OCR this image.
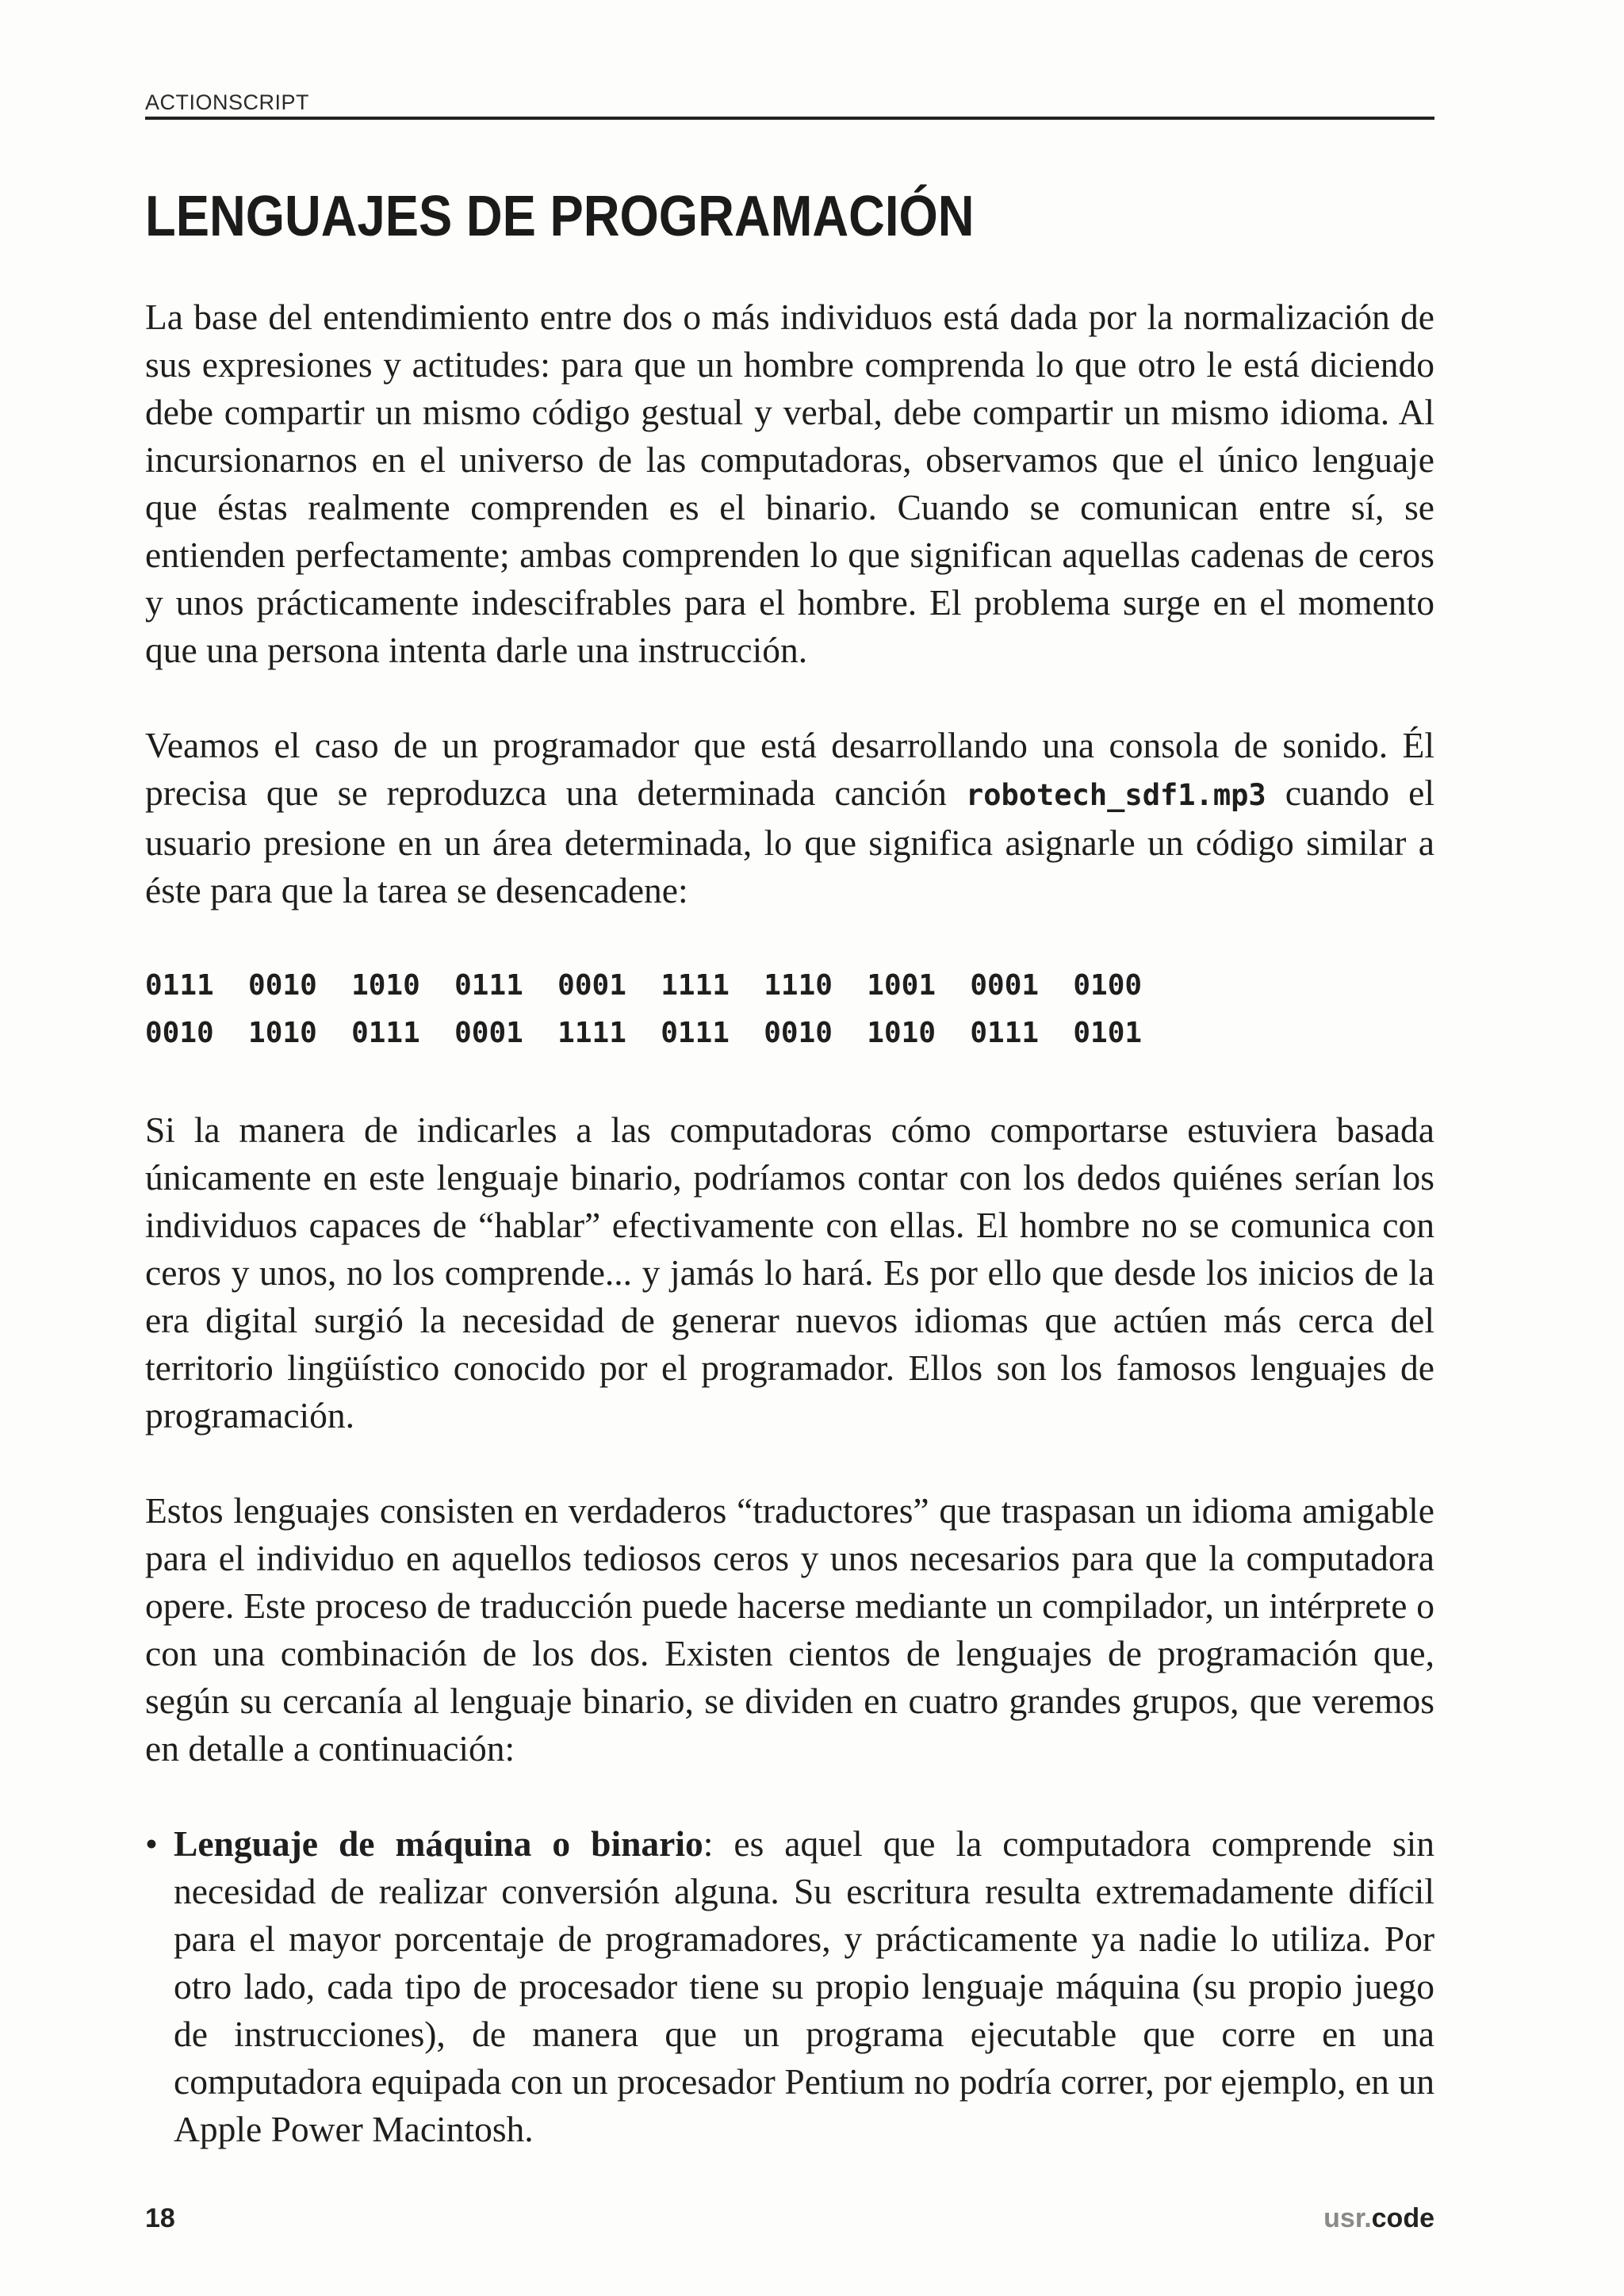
ACTIONSCRIPT
LENGUAJES DE PROGRAMACIÓN

La base del entendimiento entre dos o más individuos está dada por la normalización de sus expresiones y actitudes: para que un hombre comprenda lo que otro le está diciendo debe compartir un mismo código gestual y verbal, debe compartir un mismo idioma. Al incursionarnos en el universo de las computadoras, observamos que el único lenguaje que éstas realmente comprenden es el binario. Cuando se comunican entre sí, se entienden perfectamente; ambas comprenden lo que significan aquellas cadenas de ceros y unos prácticamente indescifrables para el hombre. El problema surge en el momento que una persona intenta darle una instrucción.

Veamos el caso de un programador que está desarrollando una consola de sonido. Él precisa que se reproduzca una determinada canción robotech_sdf1.mp3 cuando el usuario presione en un área determinada, lo que significa asignarle un código similar a éste para que la tarea se desencadene:

0111  0010  1010  0111  0001  1111  1110  1001  0001  0100
0010  1010  0111  0001  1111  0111  0010  1010  0111  0101

Si la manera de indicarles a las computadoras cómo comportarse estuviera basada únicamente en este lenguaje binario, podríamos contar con los dedos quiénes serían los individuos capaces de “hablar” efectivamente con ellas. El hombre no se comunica con ceros y unos, no los comprende... y jamás lo hará. Es por ello que desde los inicios de la era digital surgió la necesidad de generar nuevos idiomas que actúen más cerca del territorio lingüístico conocido por el programador. Ellos son los famosos lenguajes de programación.

Estos lenguajes consisten en verdaderos “traductores” que traspasan un idioma amigable para el individuo en aquellos tediosos ceros y unos necesarios para que la computadora opere. Este proceso de traducción puede hacerse mediante un compilador, un intérprete o con una combinación de los dos. Existen cientos de lenguajes de programación que, según su cercanía al lenguaje binario, se dividen en cuatro grandes grupos, que veremos en detalle a continuación:

• Lenguaje de máquina o binario: es aquel que la computadora comprende sin necesidad de realizar conversión alguna. Su escritura resulta extremadamente difícil para el mayor porcentaje de programadores, y prácticamente ya nadie lo utiliza. Por otro lado, cada tipo de procesador tiene su propio lenguaje máquina (su propio juego de instrucciones), de manera que un programa ejecutable que corre en una computadora equipada con un procesador Pentium no podría correr, por ejemplo, en un Apple Power Macintosh.
18	usr.code
